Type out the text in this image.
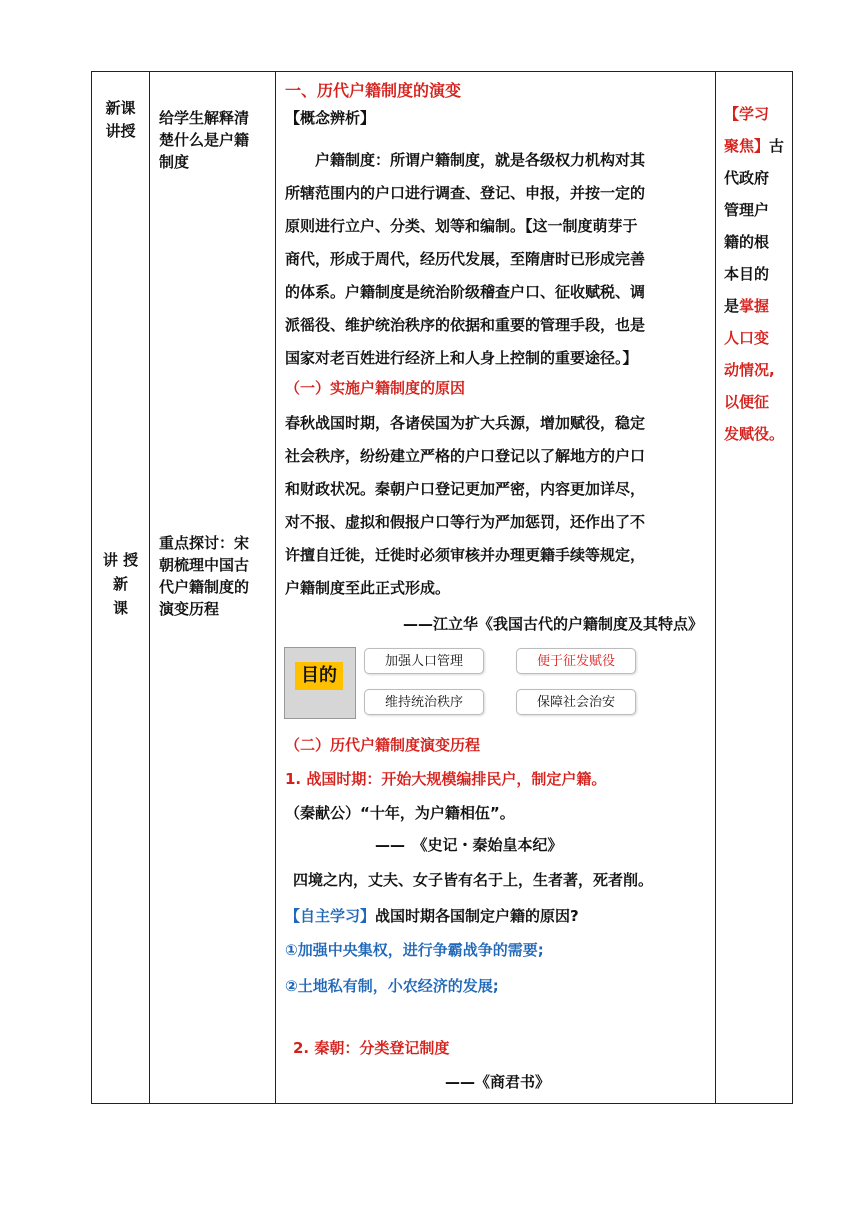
新课
讲授
讲 授
新
课
给学生解释清
楚什么是户籍
制度
重点探讨：宋
朝梳理中国古
代户籍制度的
演变历程
一、历代户籍制度的演变
【概念辨析】
户籍制度：所谓户籍制度，就是各级权力机构对其
所辖范围内的户口进行调查、登记、申报，并按一定的
原则进行立户、分类、划等和编制。【这一制度萌芽于
商代，形成于周代，经历代发展，至隋唐时已形成完善
的体系。户籍制度是统治阶级稽查户口、征收赋税、调
派徭役、维护统治秩序的依据和重要的管理手段，也是
国家对老百姓进行经济上和人身上控制的重要途径。】
（一）实施户籍制度的原因
春秋战国时期，各诸侯国为扩大兵源，增加赋役，稳定
社会秩序，纷纷建立严格的户口登记以了解地方的户口
和财政状况。秦朝户口登记更加严密，内容更加详尽，
对不报、虚拟和假报户口等行为严加惩罚，还作出了不
许擅自迁徙，迁徙时必须审核并办理更籍手续等规定，
户籍制度至此正式形成。
——江立华《我国古代的户籍制度及其特点》
目的
加强人口管理	便于征发赋役
维持统治秩序	保障社会治安
（二）历代户籍制度演变历程
1. 战国时期：开始大规模编排民户，制定户籍。
（秦献公）“十年，为户籍相伍”。
——　《史记・秦始皇本纪》
四境之内，丈夫、女子皆有名于上，生者著，死者削。
【自主学习】战国时期各国制定户籍的原因?
①加强中央集权，进行争霸战争的需要;
②土地私有制，小农经济的发展;
2. 秦朝：分类登记制度
——《商君书》
【学习
聚焦】古
代政府
管理户
籍的根
本目的
是掌握
人口变
动情况,
以便征
发赋役。
